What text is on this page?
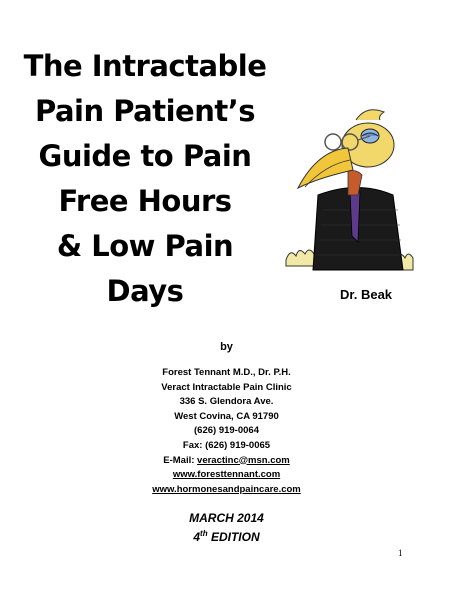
The Intractable
Pain Patient’s
Guide to Pain
Free Hours
& Low Pain
Days	Dr. Beak
by
Forest Tennant M.D., Dr. P.H.
Veract Intractable Pain Clinic
336 S. Glendora Ave.
West Covina, CA 91790
(626) 919-0064
Fax: (626) 919-0065
E-Mail: veractinc@msn.com
www.foresttennant.com
www.hormonesandpaincare.com
MARCH 2014
4th EDITION
1
